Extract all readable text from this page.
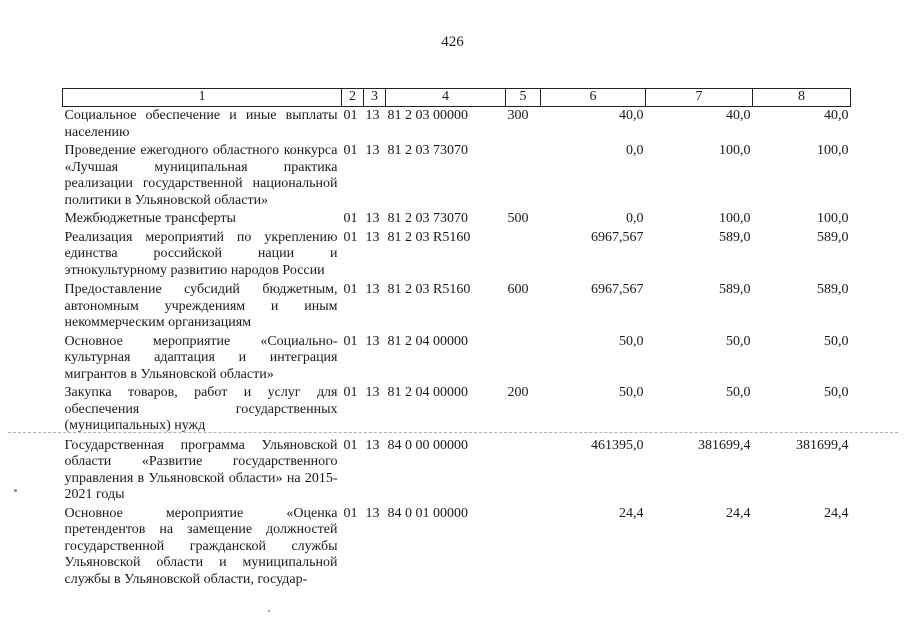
426
1	2	3	4	5	6	7	8
Социальное обеспечение и иные выплаты населению	01	13	81 2 03 00000	300	40,0	40,0	40,0
Проведение ежегодного областного конкурса «Лучшая муниципальная практика реализации государственной национальной политики в Ульяновской области»	01	13	81 2 03 73070		0,0	100,0	100,0
Межбюджетные трансферты	01	13	81 2 03 73070	500	0,0	100,0	100,0
Реализация мероприятий по укреплению единства российской нации и этнокультурному развитию народов России	01	13	81 2 03 R5160		6967,567	589,0	589,0
Предоставление субсидий бюджетным, автономным учреждениям и иным некоммерческим организациям	01	13	81 2 03 R5160	600	6967,567	589,0	589,0
Основное мероприятие «Социально-культурная адаптация и интеграция мигрантов в Ульяновской области»	01	13	81 2 04 00000		50,0	50,0	50,0
Закупка товаров, работ и услуг для обеспечения государственных (муниципальных) нужд	01	13	81 2 04 00000	200	50,0	50,0	50,0
Государственная программа Ульяновской области «Развитие государственного управления в Ульяновской области» на 2015-2021 годы	01	13	84 0 00 00000		461395,0	381699,4	381699,4
Основное мероприятие «Оценка претендентов на замещение должностей государственной гражданской службы Ульяновской области и муниципальной службы в Ульяновской области, государ-	01	13	84 0 01 00000		24,4	24,4	24,4
